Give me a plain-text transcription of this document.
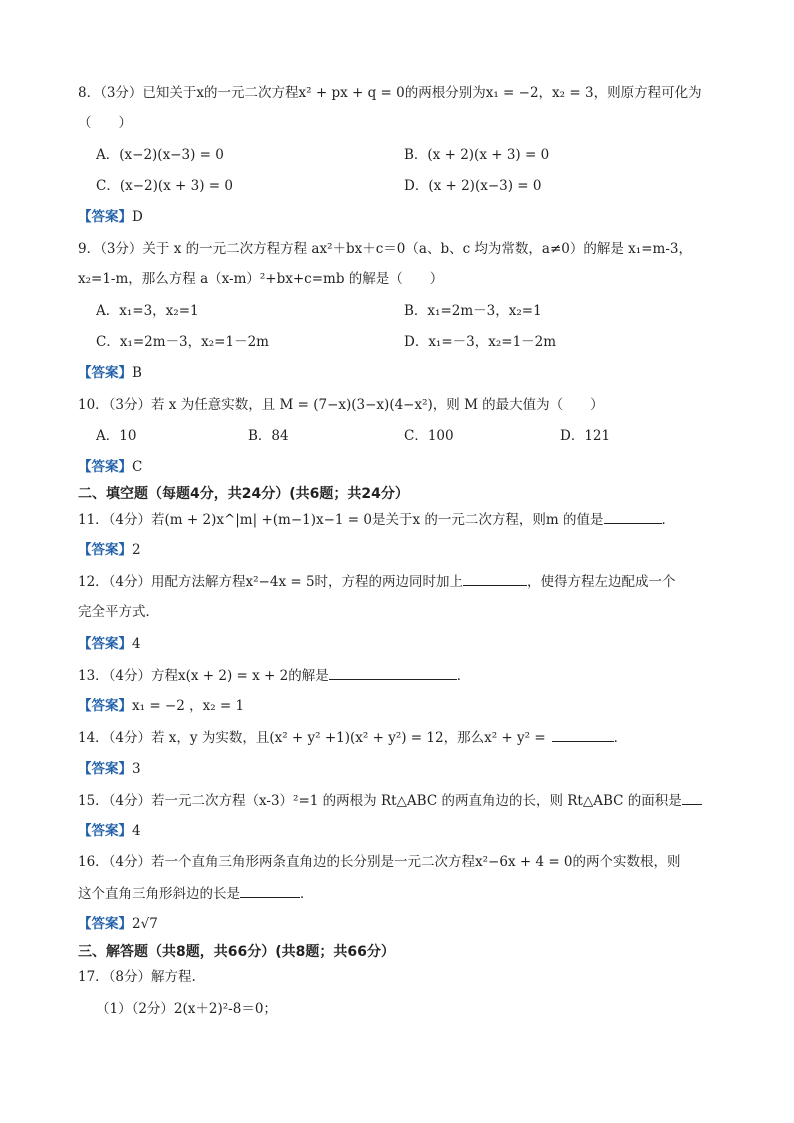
8．（3分）已知关于x的一元二次方程x² + px + q = 0的两根分别为x₁ = −2，x₂ = 3，则原方程可化为
（　　）
A．(x−2)(x−3) = 0	B．(x + 2)(x + 3) = 0
C．(x−2)(x + 3) = 0	D．(x + 2)(x−3) = 0
【答案】D
9．（3分）关于 x 的一元二次方程方程 ax²＋bx＋c＝0（a、b、c 均为常数，a≠0）的解是 x₁=m-3，
x₂=1-m，那么方程 a（x-m）²+bx+c=mb 的解是（　　）
A．x₁=3，x₂=1	B．x₁=2m－3，x₂=1
C．x₁=2m－3，x₂=1－2m	D．x₁=－3，x₂=1－2m
【答案】B
10．（3分）若 x 为任意实数，且 M = (7−x)(3−x)(4−x²)，则 M 的最大值为（　　）
A．10	B．84	C．100	D．121
【答案】C
二、填空题（每题4分，共24分）(共6题；共24分）
11．（4分）若(m + 2)x^|m| +(m−1)x−1 = 0是关于x 的一元二次方程，则m 的值是	．
【答案】2
12．（4分）用配方法解方程x²−4x = 5时，方程的两边同时加上	，使得方程左边配成一个
完全平方式．
【答案】4
13．（4分）方程x(x + 2) = x + 2的解是	．
【答案】x₁ = −2 ，x₂ = 1
14．（4分）若 x，y 为实数，且(x² + y² +1)(x² + y²) = 12，那么x² + y² =	．
【答案】3
15．（4分）若一元二次方程（x-3）²=1 的两根为 Rt△ABC 的两直角边的长，则 Rt△ABC 的面积是
【答案】4
16．（4分）若一个直角三角形两条直角边的长分别是一元二次方程x²−6x + 4 = 0的两个实数根，则
这个直角三角形斜边的长是	．
【答案】2√7
三、解答题（共8题，共66分）(共8题；共66分）
17．（8分）解方程.
（1）（2分）2(x＋2)²-8＝0；
